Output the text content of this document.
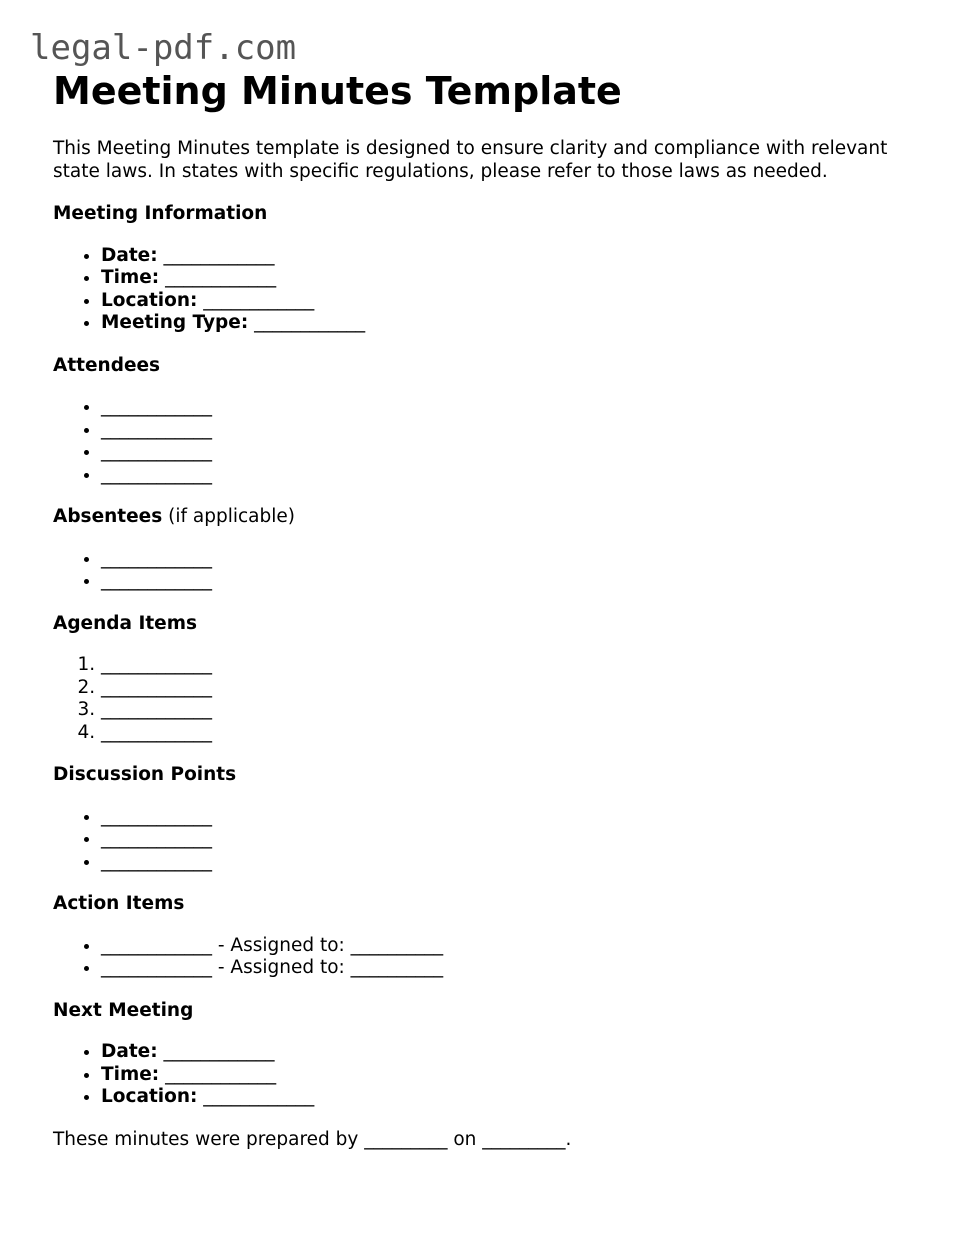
legal-pdf.com
Meeting Minutes Template

This Meeting Minutes template is designed to ensure clarity and compliance with relevant state laws. In states with specific regulations, please refer to those laws as needed.

Meeting Information
• Date: ____________
• Time: ____________
• Location: ____________
• Meeting Type: ____________
Attendees
• ____________
• ____________
• ____________
• ____________
Absentees (if applicable)
• ____________
• ____________
Agenda Items
1. ____________
2. ____________
3. ____________
4. ____________
Discussion Points
• ____________
• ____________
• ____________
Action Items
• ____________ - Assigned to: __________
• ____________ - Assigned to: __________
Next Meeting
• Date: ____________
• Time: ____________
• Location: ____________

These minutes were prepared by _________ on _________.
